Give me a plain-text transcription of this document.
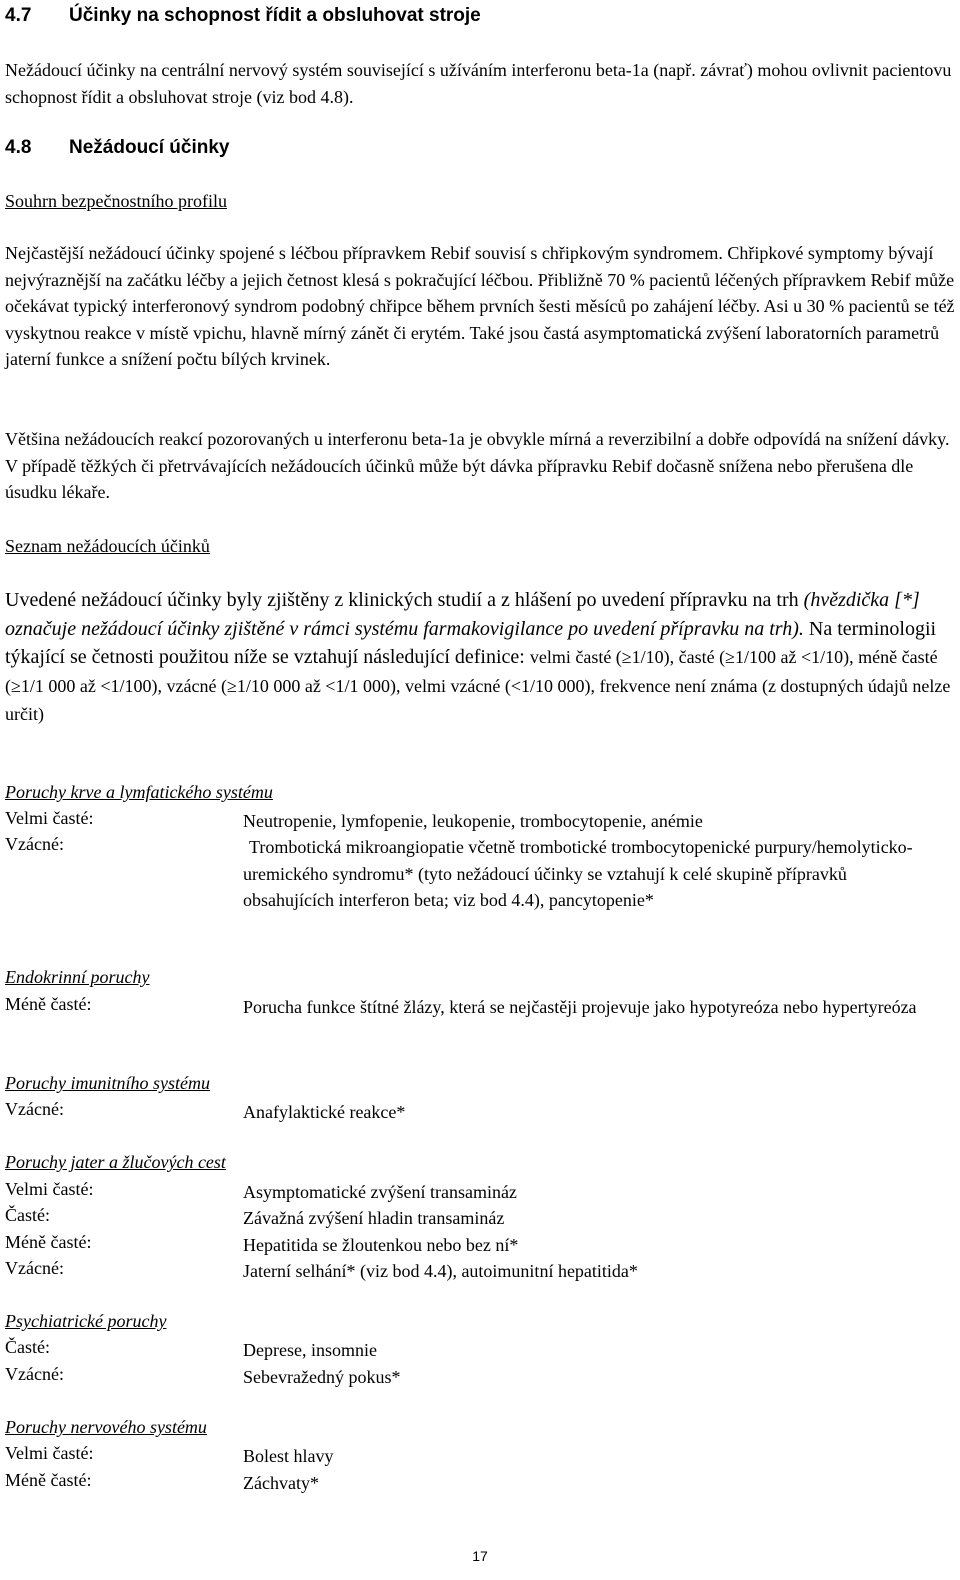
4.7 Účinky na schopnost řídit a obsluhovat stroje
Nežádoucí účinky na centrální nervový systém související s užíváním interferonu beta-1a (např. závrať) mohou ovlivnit pacientovu schopnost řídit a obsluhovat stroje (viz bod 4.8).
4.8 Nežádoucí účinky
Souhrn bezpečnostního profilu
Nejčastější nežádoucí účinky spojené s léčbou přípravkem Rebif souvisí s chřipkovým syndromem. Chřipkové symptomy bývají nejvýraznější na začátku léčby a jejich četnost klesá s pokračující léčbou. Přibližně 70 % pacientů léčených přípravkem Rebif může očekávat typický interferonový syndrom podobný chřipce během prvních šesti měsíců po zahájení léčby. Asi u 30 % pacientů se též vyskytnou reakce v místě vpichu, hlavně mírný zánět či erytém. Také jsou častá asymptomatická zvýšení laboratorních parametrů jaterní funkce a snížení počtu bílých krvinek.
Většina nežádoucích reakcí pozorovaných u interferonu beta-1a je obvykle mírná a reverzibilní a dobře odpovídá na snížení dávky. V případě těžkých či přetrvávajících nežádoucích účinků může být dávka přípravku Rebif dočasně snížena nebo přerušena dle úsudku lékaře.
Seznam nežádoucích účinků
Uvedené nežádoucí účinky byly zjištěny z klinických studií a z hlášení po uvedení přípravku na trh (hvězdička [*] označuje nežádoucí účinky zjištěné v rámci systému farmakovigilance po uvedení přípravku na trh). Na terminologii týkající se četnosti použitou níže se vztahují následující definice: velmi časté (≥1/10), časté (≥1/100 až <1/10), méně časté (≥1/1 000 až <1/100), vzácné (≥1/10 000 až <1/1 000), velmi vzácné (<1/10 000), frekvence není známa (z dostupných údajů nelze určit)
Poruchy krve a lymfatického systému
Velmi časté:	Neutropenie, lymfopenie, leukopenie, trombocytopenie, anémie
Vzácné:	Trombotická mikroangiopatie včetně trombotické trombocytopenické purpury/hemolyticko-uremického syndromu* (tyto nežádoucí účinky se vztahují k celé skupině přípravků obsahujících interferon beta; viz bod 4.4), pancytopenie*
Endokrinní poruchy
Méně časté:	Porucha funkce štítné žlázy, která se nejčastěji projevuje jako hypotyreóza nebo hypertyreóza
Poruchy imunitního systému
Vzácné:	Anafylaktické reakce*
Poruchy jater a žlučových cest
Velmi časté:	Asymptomatické zvýšení transamináz
Časté:	Závažná zvýšení hladin transamináz
Méně časté:	Hepatitida se žloutenkou nebo bez ní*
Vzácné:	Jaterní selhání* (viz bod 4.4), autoimunitní hepatitida*
Psychiatrické poruchy
Časté:	Deprese, insomnie
Vzácné:	Sebevražedný pokus*
Poruchy nervového systému
Velmi časté:	Bolest hlavy
Méně časté:	Záchvaty*
17
